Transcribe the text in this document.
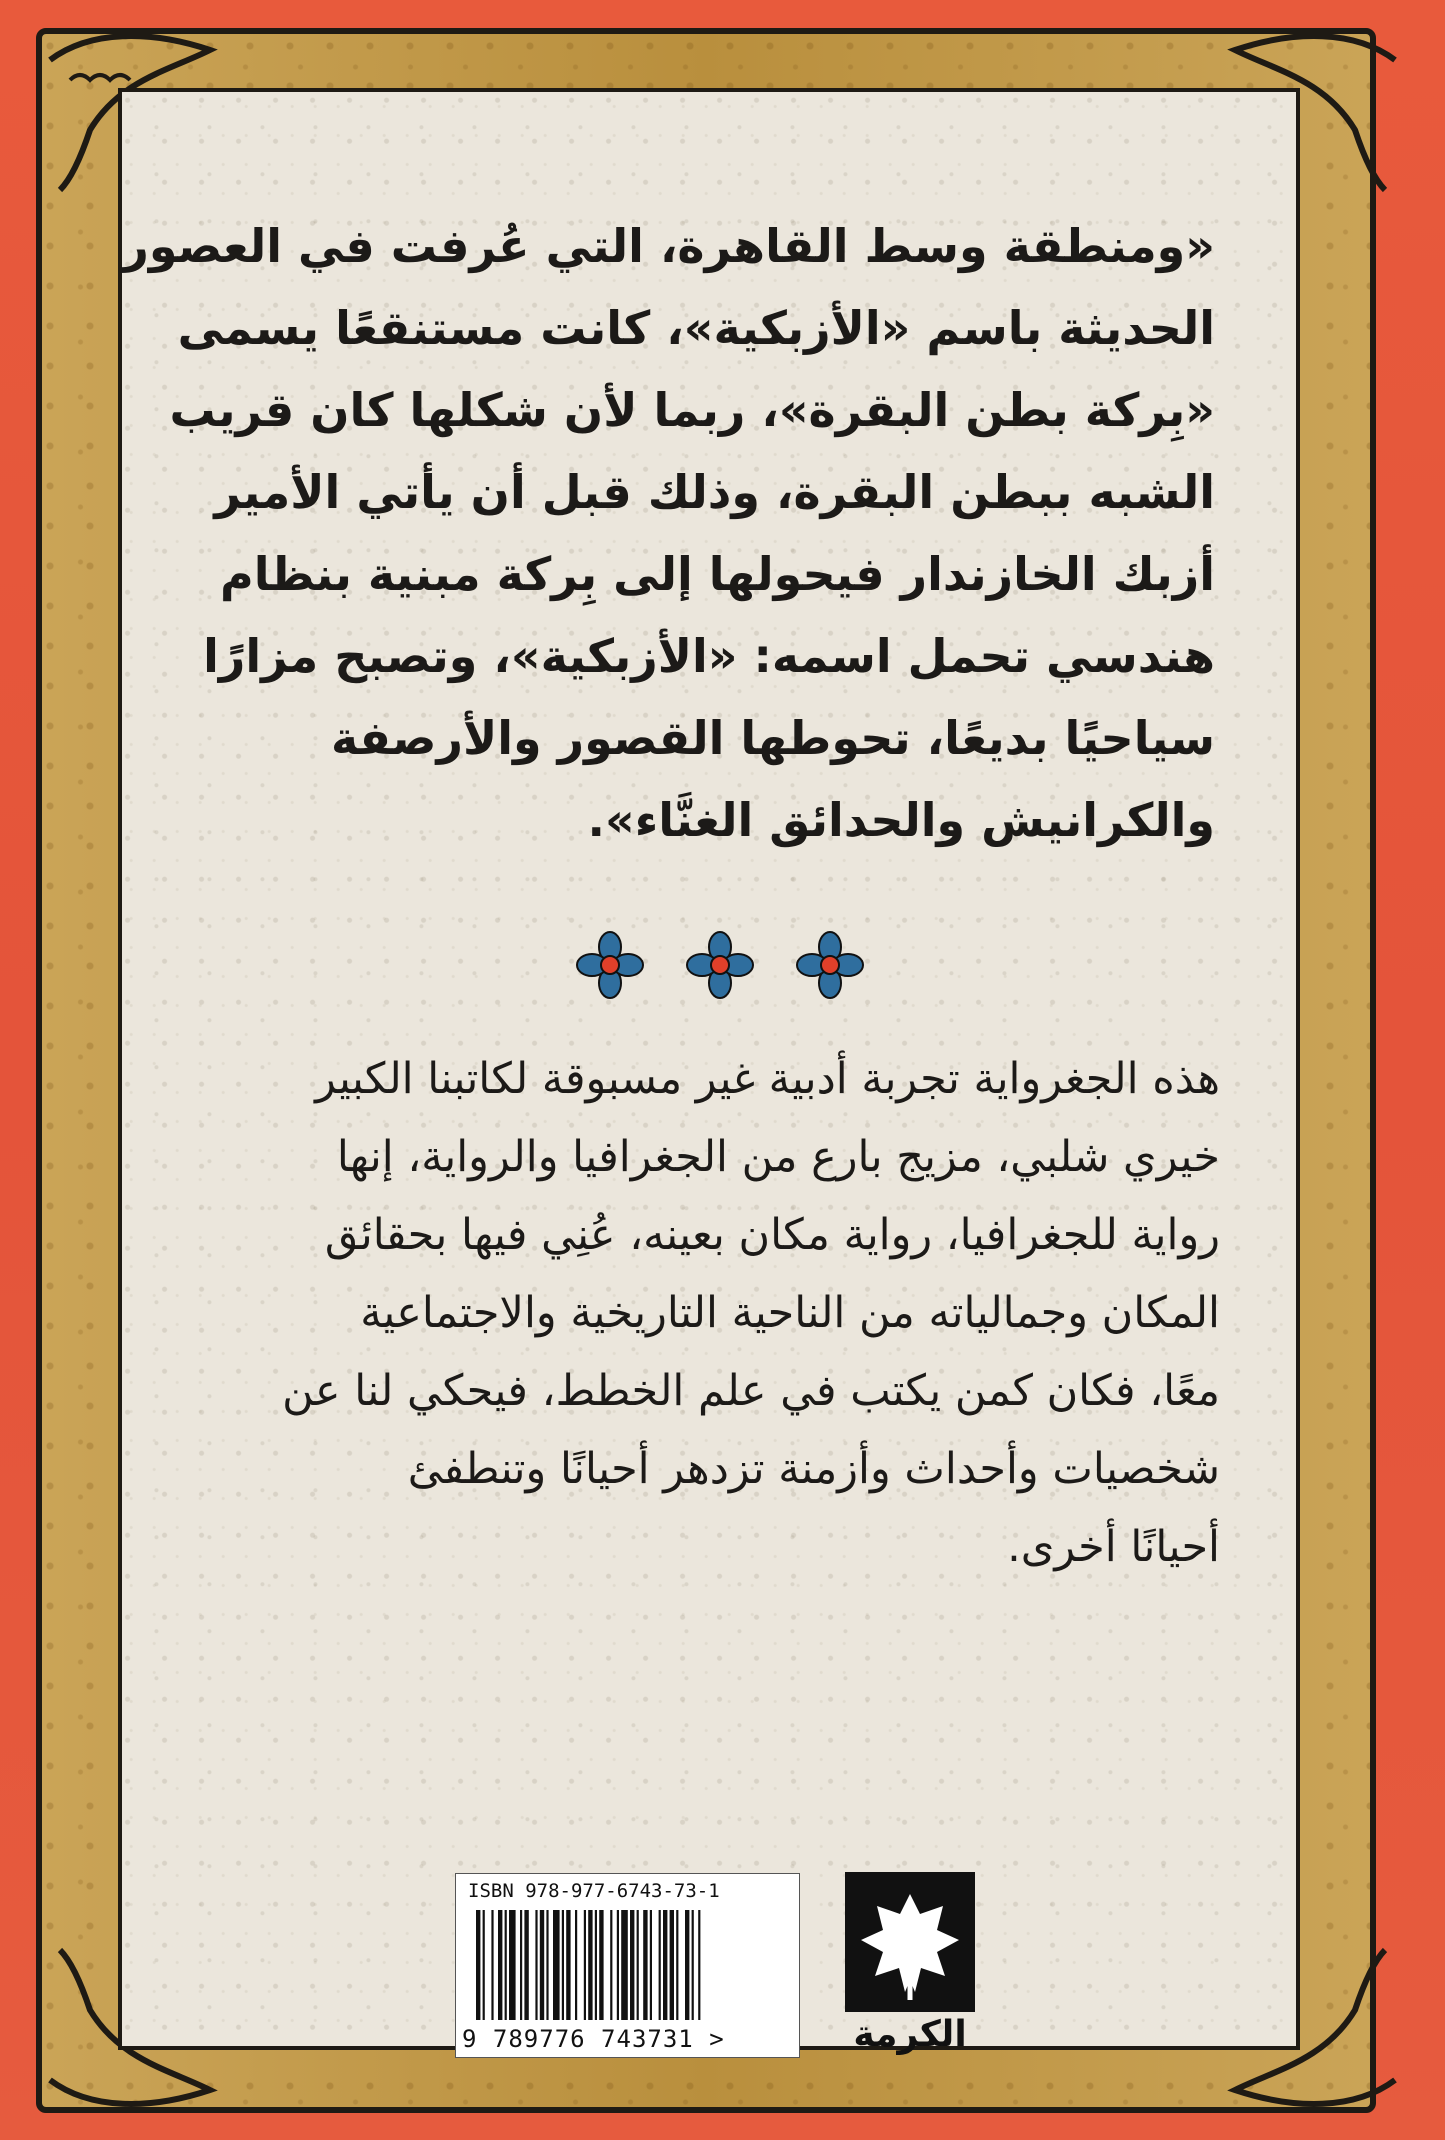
«ومنطقة وسط القاهرة، التي عُرفت في العصور
الحديثة باسم «الأزبكية»، كانت مستنقعًا يسمى
«بِركة بطن البقرة»، ربما لأن شكلها كان قريب
الشبه ببطن البقرة، وذلك قبل أن يأتي الأمير
أزبك الخازندار فيحولها إلى بِركة مبنية بنظام
هندسي تحمل اسمه: «الأزبكية»، وتصبح مزارًا
سياحيًا بديعًا، تحوطها القصور والأرصفة
والكرانيش والحدائق الغنَّاء».
هذه الجغرواية تجربة أدبية غير مسبوقة لكاتبنا الكبير
خيري شلبي، مزيج بارع من الجغرافيا والرواية، إنها
رواية للجغرافيا، رواية مكان بعينه، عُنِي فيها بحقائق
المكان وجمالياته من الناحية التاريخية والاجتماعية
معًا، فكان كمن يكتب في علم الخطط، فيحكي لنا عن
شخصيات وأحداث وأزمنة تزدهر أحيانًا وتنطفئ
أحيانًا أخرى.
ISBN 978-977-6743-73-1
9 789776 743731 >	الكرمة
